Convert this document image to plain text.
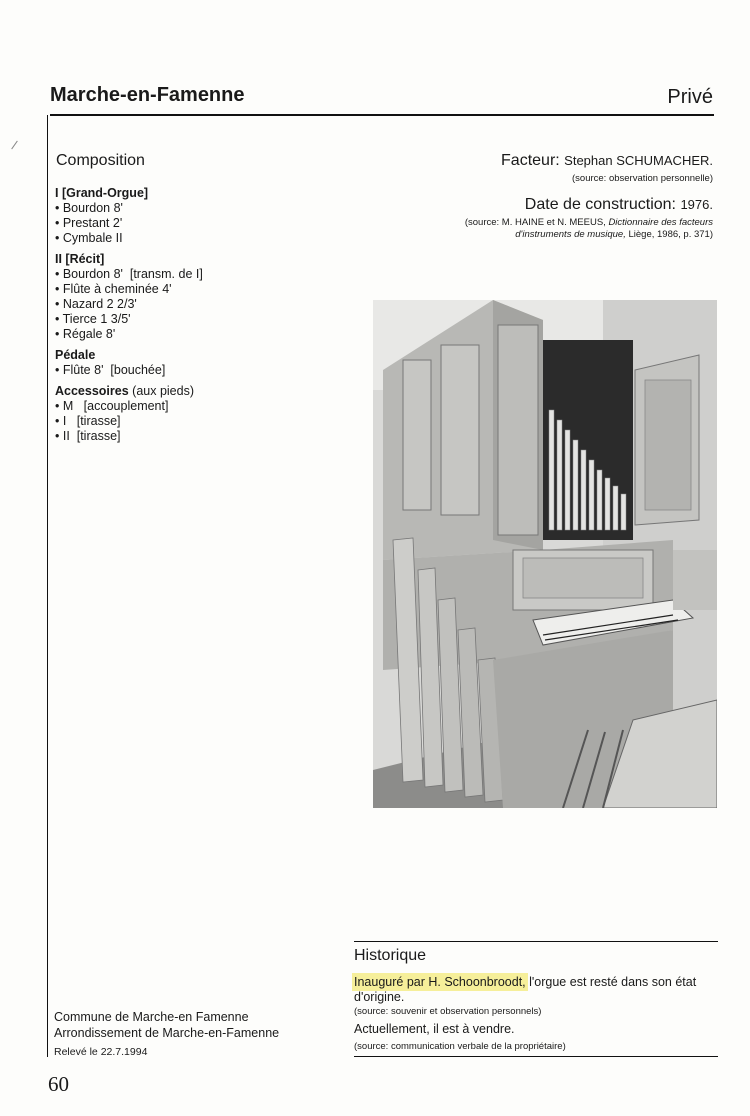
Marche-en-Famenne	Privé
Composition
I [Grand-Orgue]
• Bourdon 8'
• Prestant 2'
• Cymbale II
II [Récit]
• Bourdon 8'  [transm. de I]
• Flûte à cheminée 4'
• Nazard 2 2/3'
• Tierce 1 3/5'
• Régale 8'
Pédale
• Flûte 8'  [bouchée]
Accessoires (aux pieds)
• M   [accouplement]
• I   [tirasse]
• II  [tirasse]
Facteur: Stephan SCHUMACHER.
(source: observation personnelle)
Date de construction: 1976.
(source: M. HAINE et N. MEEUS, Dictionnaire des facteurs
d'instruments de musique, Liège, 1986, p. 371)
Historique
Inauguré par H. Schoonbroodt, l'orgue est resté dans son état d'origine.
(source: souvenir et observation personnels)
Actuellement, il est à vendre.
(source: communication verbale de la propriétaire)
Commune de Marche-en Famenne
Arrondissement de Marche-en-Famenne
Relevé le 22.7.1994
60
